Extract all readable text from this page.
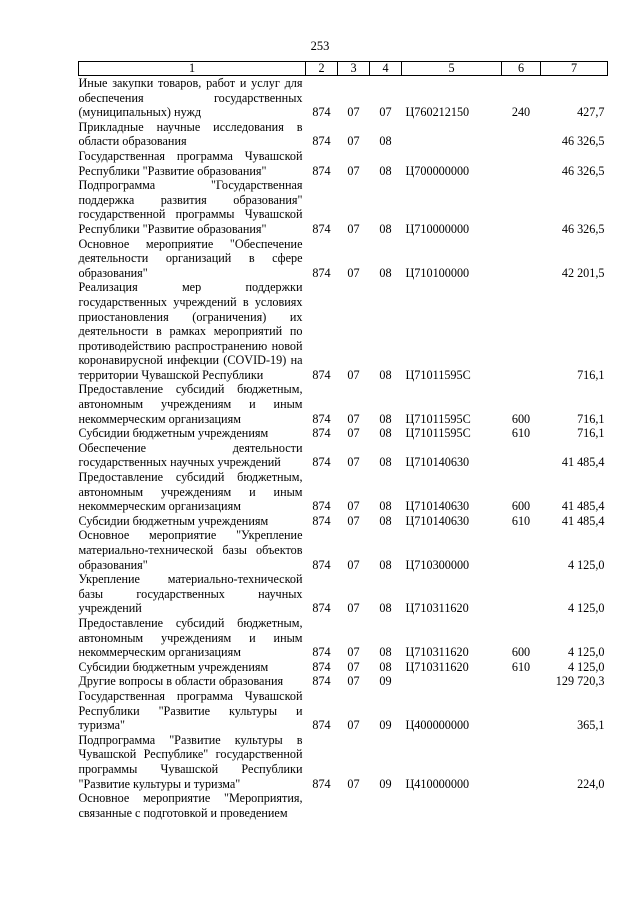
253
1	2	3	4	5	6	7
Иные закупки товаров, работ и услуг для обеспечения государственных (муниципальных) нужд	874	07	07	Ц760212150	240	427,7
Прикладные научные исследования в области образования	874	07	08			46 326,5
Государственная программа Чувашской Республики "Развитие образования"	874	07	08	Ц700000000		46 326,5
Подпрограмма "Государственная поддержка развития образования" государственной программы Чувашской Республики "Развитие образования"	874	07	08	Ц710000000		46 326,5
Основное мероприятие "Обеспечение деятельности организаций в сфере образования"	874	07	08	Ц710100000		42 201,5
Реализация мер поддержки государственных учреждений в условиях приостановления (ограничения) их деятельности в рамках мероприятий по противодействию распространению новой коронавирусной инфекции (COVID-19) на территории Чувашской Республики	874	07	08	Ц71011595С		716,1
Предоставление субсидий бюджетным, автономным учреждениям и иным некоммерческим организациям	874	07	08	Ц71011595С	600	716,1
Субсидии бюджетным учреждениям	874	07	08	Ц71011595С	610	716,1
Обеспечение деятельности государственных научных учреждений	874	07	08	Ц710140630		41 485,4
Предоставление субсидий бюджетным, автономным учреждениям и иным некоммерческим организациям	874	07	08	Ц710140630	600	41 485,4
Субсидии бюджетным учреждениям	874	07	08	Ц710140630	610	41 485,4
Основное мероприятие "Укрепление материально-технической базы объектов образования"	874	07	08	Ц710300000		4 125,0
Укрепление материально-технической базы государственных научных учреждений	874	07	08	Ц710311620		4 125,0
Предоставление субсидий бюджетным, автономным учреждениям и иным некоммерческим организациям	874	07	08	Ц710311620	600	4 125,0
Субсидии бюджетным учреждениям	874	07	08	Ц710311620	610	4 125,0
Другие вопросы в области образования	874	07	09			129 720,3
Государственная программа Чувашской Республики "Развитие культуры и туризма"	874	07	09	Ц400000000		365,1
Подпрограмма "Развитие культуры в Чувашской Республике" государственной программы Чувашской Республики "Развитие культуры и туризма"	874	07	09	Ц410000000		224,0
Основное мероприятие "Мероприятия, связанные с подготовкой и проведением						
